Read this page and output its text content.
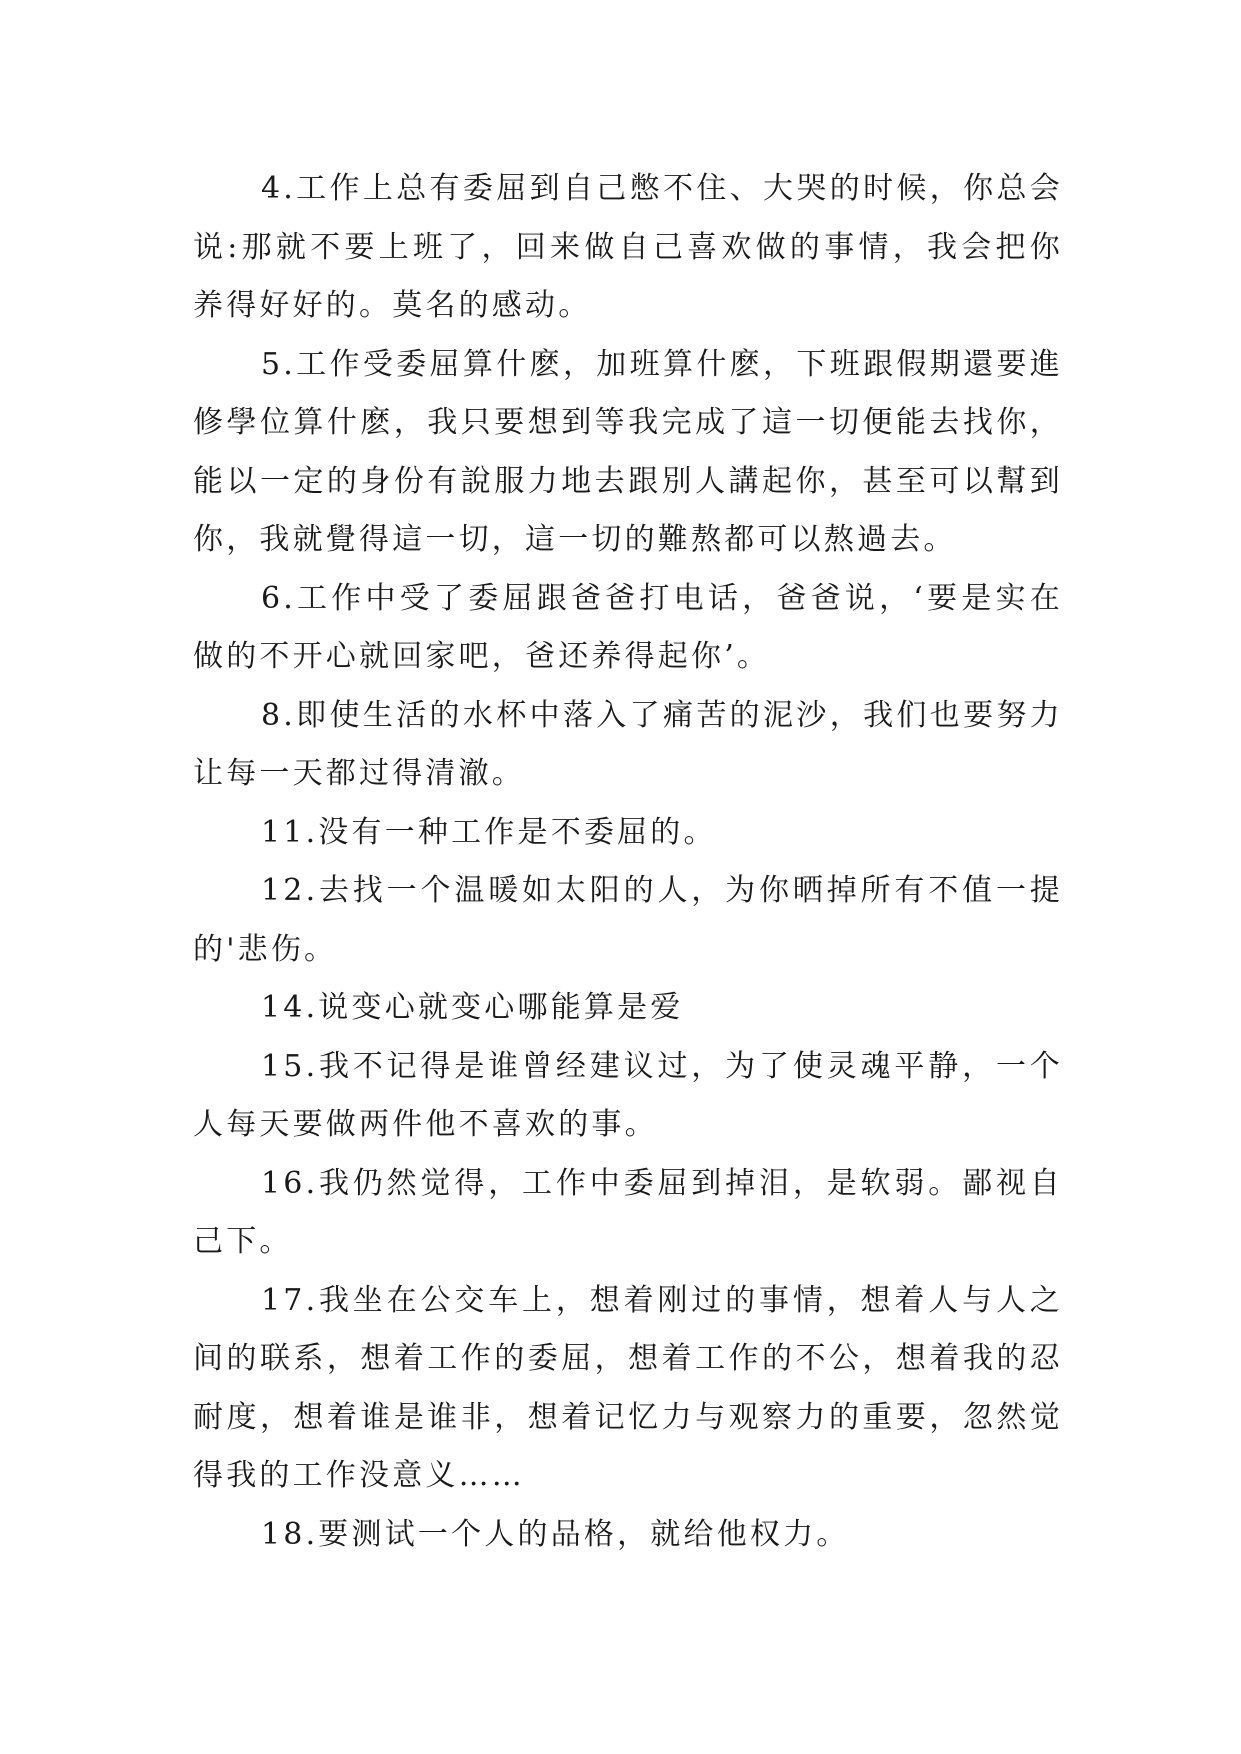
4.工作上总有委屈到自己憋不住、大哭的时候，你总会说:那就不要上班了，回来做自己喜欢做的事情，我会把你养得好好的。莫名的感动。

5.工作受委屈算什麽，加班算什麽，下班跟假期還要進修學位算什麽，我只要想到等我完成了這一切便能去找你，能以一定的身份有說服力地去跟別人講起你，甚至可以幫到你，我就覺得這一切，這一切的難熬都可以熬過去。

6.工作中受了委屈跟爸爸打电话，爸爸说，‘要是实在做的不开心就回家吧，爸还养得起你’。

8.即使生活的水杯中落入了痛苦的泥沙，我们也要努力让每一天都过得清澈。

11.没有一种工作是不委屈的。

12.去找一个温暖如太阳的人，为你晒掉所有不值一提的'悲伤。

14.说变心就变心哪能算是爱

15.我不记得是谁曾经建议过，为了使灵魂平静，一个人每天要做两件他不喜欢的事。

16.我仍然觉得，工作中委屈到掉泪，是软弱。鄙视自己下。

17.我坐在公交车上，想着刚过的事情，想着人与人之间的联系，想着工作的委屈，想着工作的不公，想着我的忍耐度，想着谁是谁非，想着记忆力与观察力的重要，忽然觉得我的工作没意义……

18.要测试一个人的品格，就给他权力。
